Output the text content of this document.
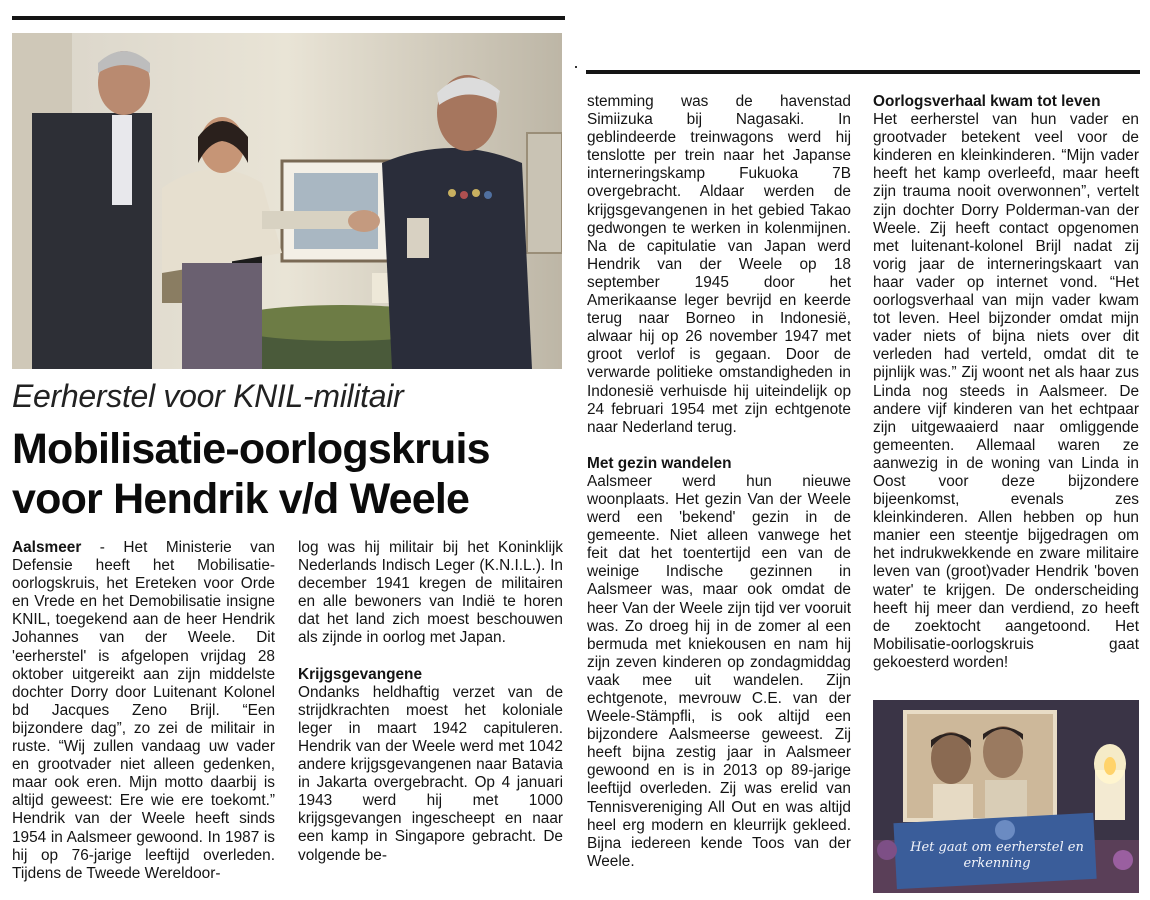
Eerherstel voor KNIL-militair
Mobilisatie-oorlogskruis
voor Hendrik v/d Weele

Aalsmeer - Het Ministerie van Defensie heeft het Mobilisatie-oorlogskruis, het Ereteken voor Orde en Vrede en het Demobilisatie insigne KNIL, toegekend aan de heer Hendrik Johannes van der Weele. Dit 'eerherstel' is afgelopen vrijdag 28 oktober uitgereikt aan zijn middelste dochter Dorry door Luitenant Kolonel bd Jacques Zeno Brijl. “Een bijzondere dag”, zo zei de militair in ruste. “Wij zullen vandaag uw vader en grootvader niet alleen gedenken, maar ook eren. Mijn motto daarbij is altijd geweest: Ere wie ere toekomt.” Hendrik van der Weele heeft sinds 1954 in Aalsmeer gewoond. In 1987 is hij op 76-jarige leeftijd overleden. Tijdens de Tweede Wereldoor-

log was hij militair bij het Koninklijk Nederlands Indisch Leger (K.N.I.L.). In december 1941 kregen de militairen en alle bewoners van Indië te horen dat het land zich moest beschouwen als zijnde in oorlog met Japan.

Krijgsgevangene

Ondanks heldhaftig verzet van de strijdkrachten moest het koloniale leger in maart 1942 capituleren. Hendrik van der Weele werd met 1042 andere krijgsgevangenen naar Batavia in Jakarta overgebracht. Op 4 januari 1943 werd hij met 1000 krijgsgevangen ingescheept en naar een kamp in Singapore gebracht. De volgende be-

stemming was de havenstad Simiizuka bij Nagasaki. In geblindeerde treinwagons werd hij tenslotte per trein naar het Japanse interneringskamp Fukuoka 7B overgebracht. Aldaar werden de krijgsgevangenen in het gebied Takao gedwongen te werken in kolenmijnen. Na de capitulatie van Japan werd Hendrik van der Weele op 18 september 1945 door het Amerikaanse leger bevrijd en keerde terug naar Borneo in Indonesië, alwaar hij op 26 november 1947 met groot verlof is gegaan. Door de verwarde politieke omstandigheden in Indonesië verhuisde hij uiteindelijk op 24 februari 1954 met zijn echtgenote naar Nederland terug.

Met gezin wandelen

Aalsmeer werd hun nieuwe woonplaats. Het gezin Van der Weele werd een 'bekend' gezin in de gemeente. Niet alleen vanwege het feit dat het toentertijd een van de weinige Indische gezinnen in Aalsmeer was, maar ook omdat de heer Van der Weele zijn tijd ver vooruit was. Zo droeg hij in de zomer al een bermuda met kniekousen en nam hij zijn zeven kinderen op zondagmiddag vaak mee uit wandelen. Zijn echtgenote, mevrouw C.E. van der Weele-Stämpfli, is ook altijd een bijzondere Aalsmeerse geweest. Zij heeft bijna zestig jaar in Aalsmeer gewoond en is in 2013 op 89-jarige leeftijd overleden. Zij was erelid van Tennisvereniging All Out en was altijd heel erg modern en kleurrijk gekleed. Bijna iedereen kende Toos van der Weele.

Oorlogsverhaal kwam tot leven

Het eerherstel van hun vader en grootvader betekent veel voor de kinderen en kleinkinderen. “Mijn vader heeft het kamp overleefd, maar heeft zijn trauma nooit overwonnen”, vertelt zijn dochter Dorry Polderman-van der Weele. Zij heeft contact opgenomen met luitenant-kolonel Brijl nadat zij vorig jaar de interneringskaart van haar vader op internet vond. “Het oorlogsverhaal van mijn vader kwam tot leven. Heel bijzonder omdat mijn vader niets of bijna niets over dit verleden had verteld, omdat dit te pijnlijk was.” Zij woont net als haar zus Linda nog steeds in Aalsmeer. De andere vijf kinderen van het echtpaar zijn uitgewaaierd naar omliggende gemeenten. Allemaal waren ze aanwezig in de woning van Linda in Oost voor deze bijzondere bijeenkomst, evenals zes kleinkinderen. Allen hebben op hun manier een steentje bijgedragen om het indrukwekkende en zware militaire leven van (groot)vader Hendrik 'boven water' te krijgen. De onderscheiding heeft hij meer dan verdiend, zo heeft de zoektocht aangetoond. Het Mobilisatie-oorlogskruis gaat gekoesterd worden!

Het gaat om eerherstel en erkenning
